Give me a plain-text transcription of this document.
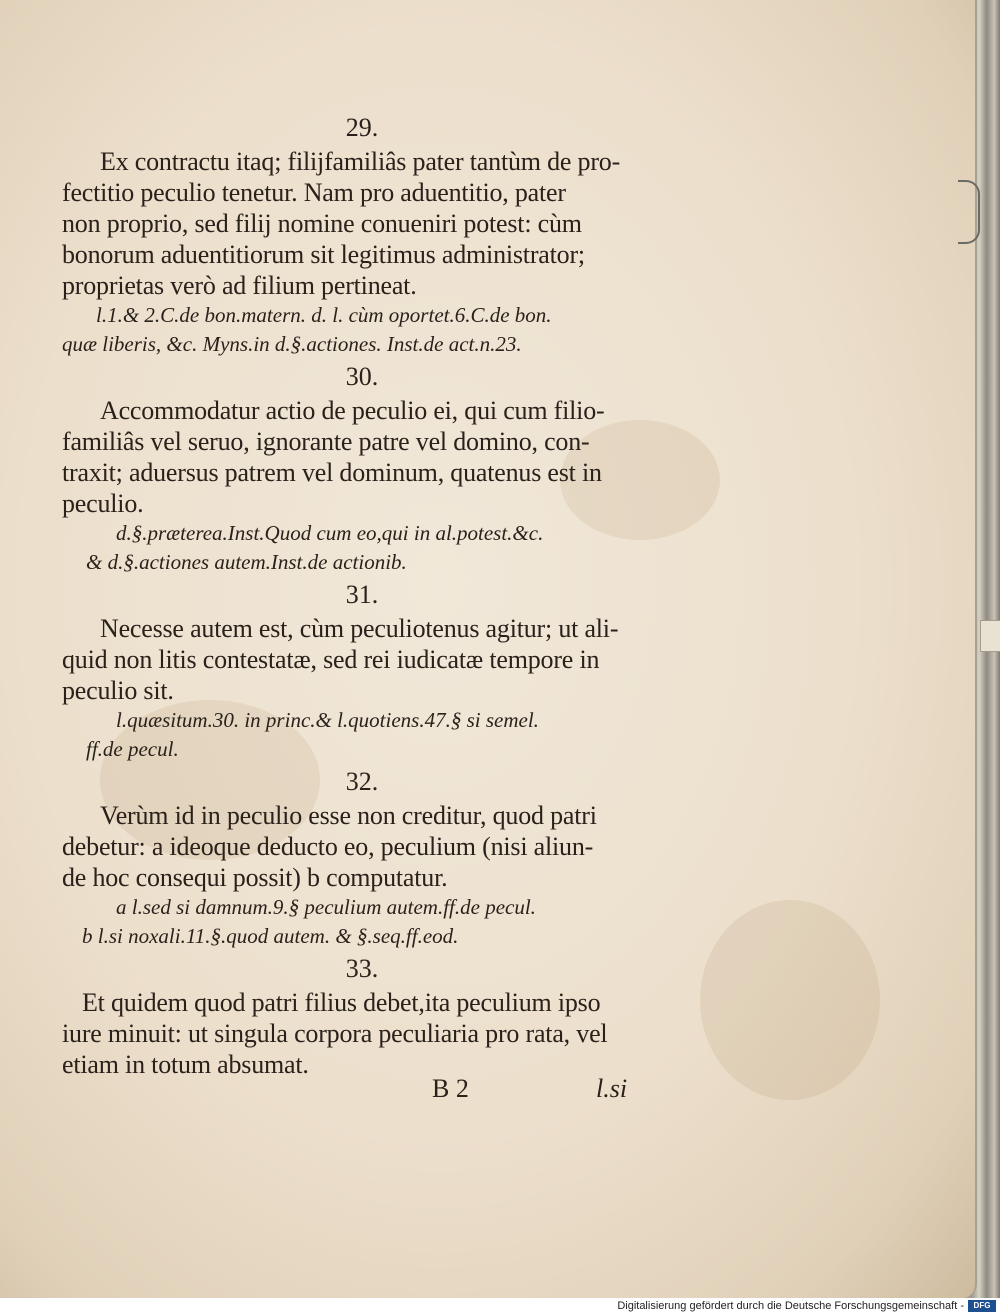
29.

Ex contractu itaq; filijfamiliâs pater tantùm de pro-

fectitio peculio tenetur. Nam pro aduentitio, pater

non proprio, sed filij nomine conueniri potest: cùm

bonorum aduentitiorum sit legitimus administrator;

proprietas verò ad filium pertineat.

l.1.& 2.C.de bon.matern. d. l. cùm oportet.6.C.de bon.

quæ liberis, &c. Myns.in d.§.actiones. Inst.de act.n.23.

30.

Accommodatur actio de peculio ei, qui cum filio-

familiâs vel seruo, ignorante patre vel domino, con-

traxit; aduersus patrem vel dominum, quatenus est in

peculio.

d.§.præterea.Inst.Quod cum eo,qui in al.potest.&c.

& d.§.actiones autem.Inst.de actionib.

31.

Necesse autem est, cùm peculiotenus agitur; ut ali-

quid non litis contestatæ, sed rei iudicatæ tempore in

peculio sit.

l.quæsitum.30. in princ.& l.quotiens.47.§ si semel.

ff.de pecul.

32.

Verùm id in peculio esse non creditur, quod patri

debetur: a ideoque deducto eo, peculium (nisi aliun-

de hoc consequi possit) b computatur.

a l.sed si damnum.9.§ peculium autem.ff.de pecul.

b l.si noxali.11.§.quod autem. & §.seq.ff.eod.

33.

Et quidem quod patri filius debet,ita peculium ipso

iure minuit: ut singula corpora peculiaria pro rata, vel

etiam in totum absumat.

B 2	l.si
Digitalisierung gefördert durch die Deutsche Forschungsgemeinschaft -	DFG
